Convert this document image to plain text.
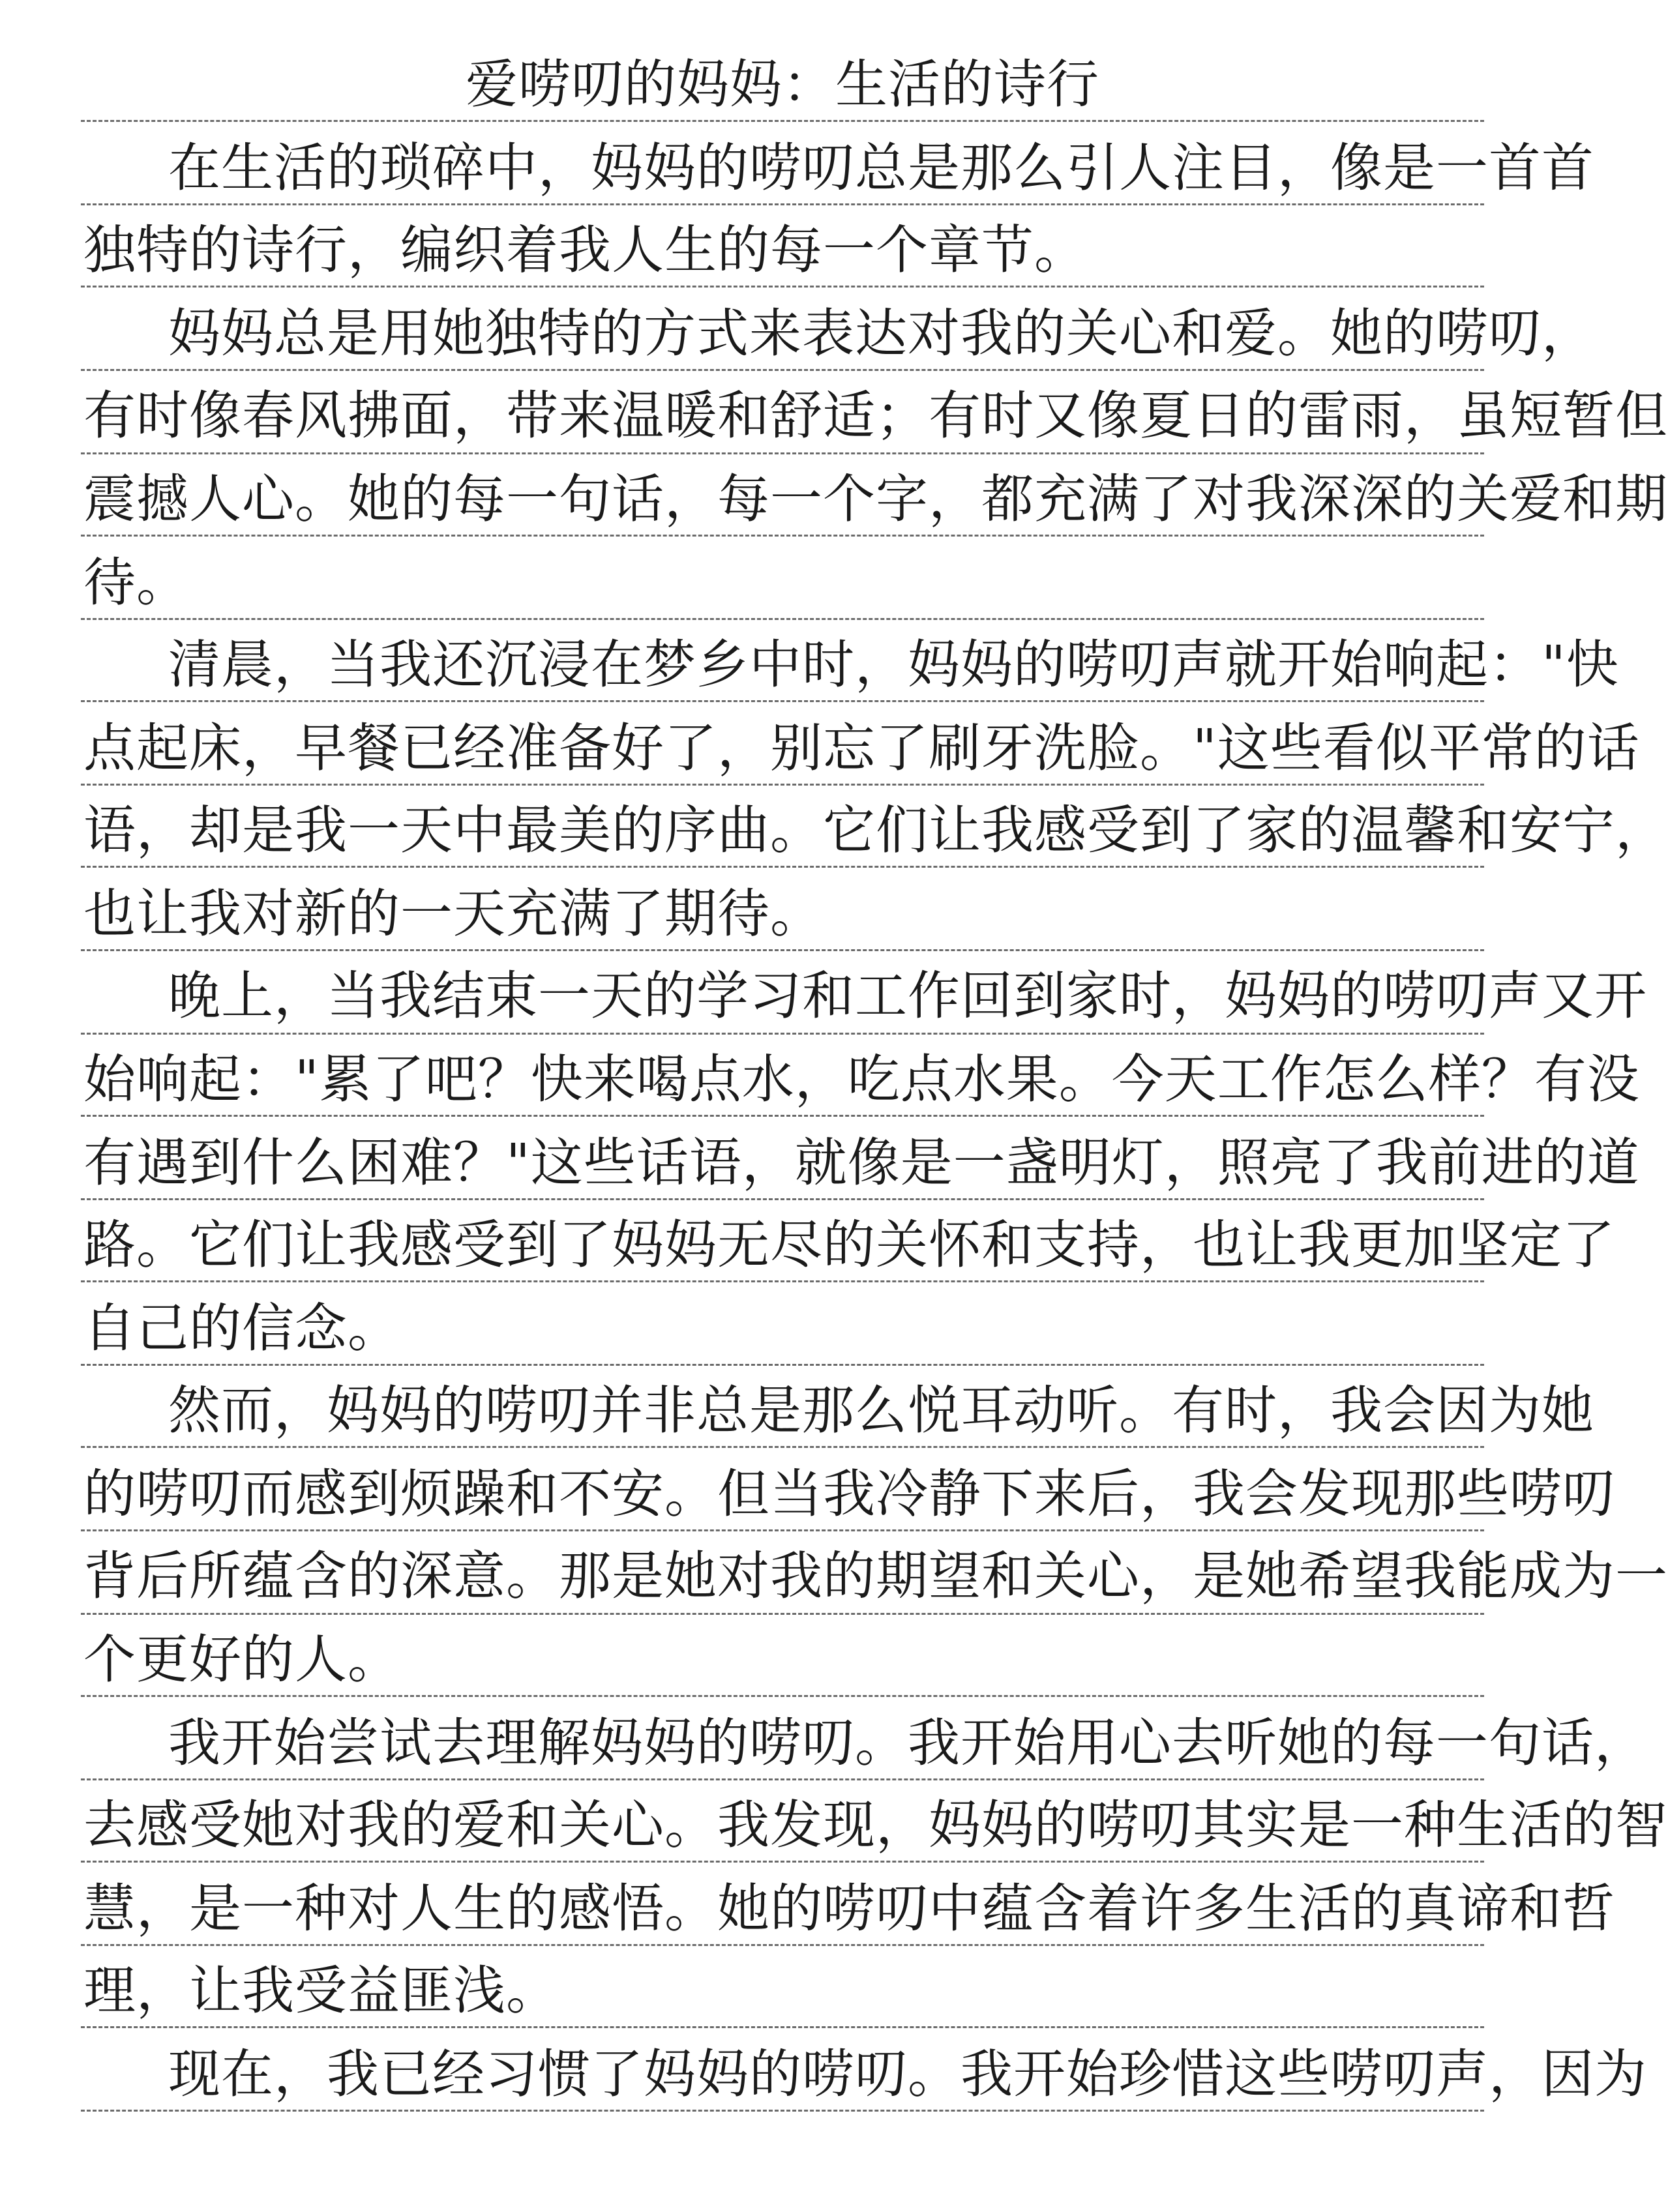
爱唠叨的妈妈：生活的诗行
在生活的琐碎中，妈妈的唠叨总是那么引人注目，像是一首首
独特的诗行，编织着我人生的每一个章节。
妈妈总是用她独特的方式来表达对我的关心和爱。她的唠叨，
有时像春风拂面，带来温暖和舒适；有时又像夏日的雷雨，虽短暂但
震撼人心。她的每一句话，每一个字，都充满了对我深深的关爱和期
待。
清晨，当我还沉浸在梦乡中时，妈妈的唠叨声就开始响起："快
点起床，早餐已经准备好了，别忘了刷牙洗脸。"这些看似平常的话
语，却是我一天中最美的序曲。它们让我感受到了家的温馨和安宁，
也让我对新的一天充满了期待。
晚上，当我结束一天的学习和工作回到家时，妈妈的唠叨声又开
始响起："累了吧？快来喝点水，吃点水果。今天工作怎么样？有没
有遇到什么困难？"这些话语，就像是一盏明灯，照亮了我前进的道
路。它们让我感受到了妈妈无尽的关怀和支持，也让我更加坚定了
自己的信念。
然而，妈妈的唠叨并非总是那么悦耳动听。有时，我会因为她
的唠叨而感到烦躁和不安。但当我冷静下来后，我会发现那些唠叨
背后所蕴含的深意。那是她对我的期望和关心，是她希望我能成为一
个更好的人。
我开始尝试去理解妈妈的唠叨。我开始用心去听她的每一句话，
去感受她对我的爱和关心。我发现，妈妈的唠叨其实是一种生活的智
慧，是一种对人生的感悟。她的唠叨中蕴含着许多生活的真谛和哲
理，让我受益匪浅。
现在，我已经习惯了妈妈的唠叨。我开始珍惜这些唠叨声，因为
